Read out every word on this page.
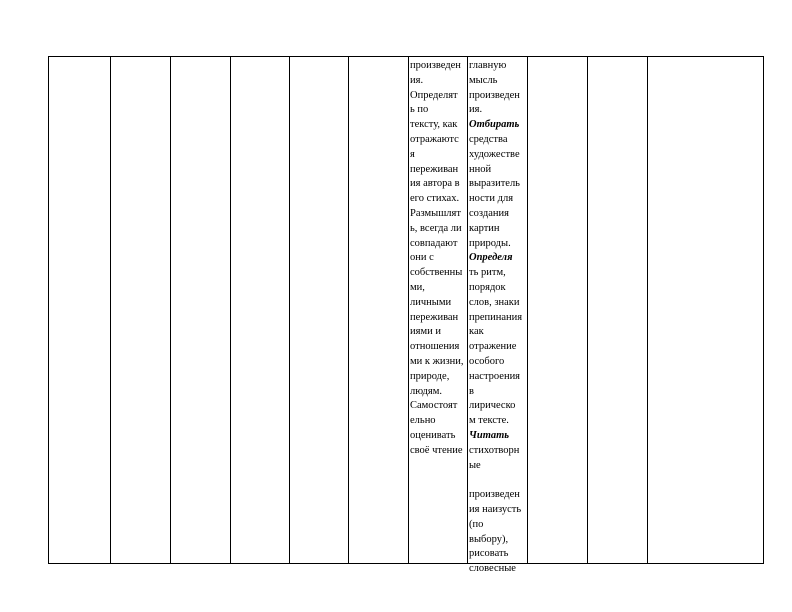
произведен

ия.

Определят

ь по

тексту, как

отражаютс

я

переживан

ия автора в

его стихах.

Размышлят

ь, всегда ли

совпадают

они с

собственны

ми,

личными

переживан

иями и

отношения

ми к жизни,

природе,

людям.

Самостоят

ельно

оценивать

своё чтение

главную

мысль

произведен

ия.

Отбирать

средства

художестве

нной

выразитель

ности для

создания

картин

природы.

Определя

ть ритм,

порядок

слов, знаки

препинания

как

отражение

особого

настроения

в

лирическо

м тексте.

Читать

стихотворн

ые

произведен

ия наизусть

(по

выбору),

рисовать

словесные
